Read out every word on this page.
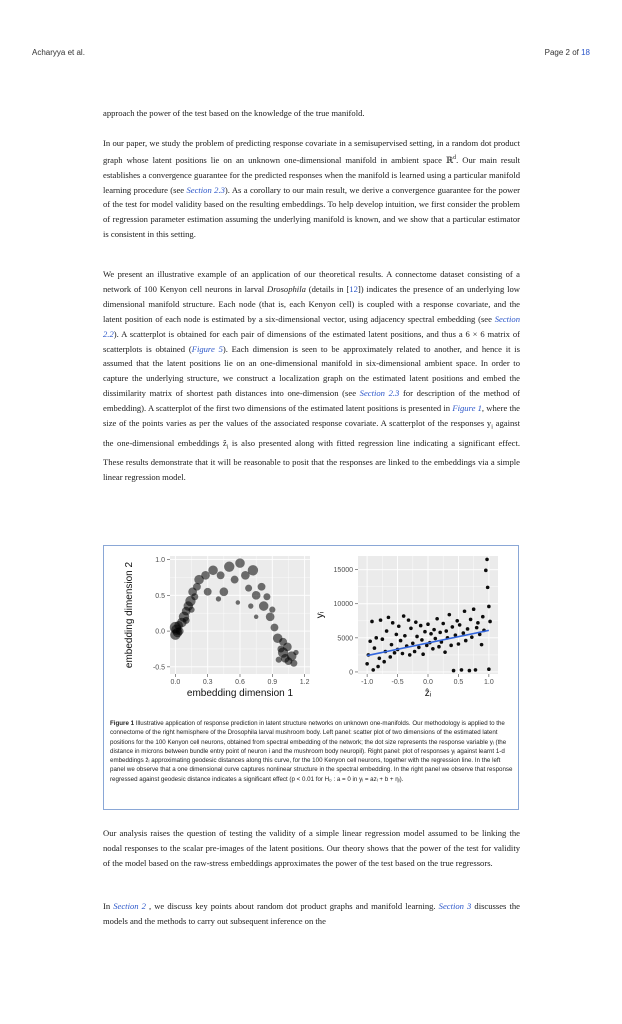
Acharyya et al.	Page 2 of 18

approach the power of the test based on the knowledge of the true manifold.

In our paper, we study the problem of predicting response covariate in a semisupervised setting, in a random dot product graph whose latent positions lie on an unknown one-dimensional manifold in ambient space ℝ$^d$. Our main result establishes a convergence guarantee for the predicted responses when the manifold is learned using a particular manifold learning procedure (see Section 2.3). As a corollary to our main result, we derive a convergence guarantee for the power of the test for model validity based on the resulting embeddings. To help develop intuition, we first consider the problem of regression parameter estimation assuming the underlying manifold is known, and we show that a particular estimator is consistent in this setting.

We present an illustrative example of an application of our theoretical results. A connectome dataset consisting of a network of 100 Kenyon cell neurons in larval Drosophila (details in [12]) indicates the presence of an underlying low dimensional manifold structure. Each node (that is, each Kenyon cell) is coupled with a response covariate, and the latent position of each node is estimated by a six-dimensional vector, using adjacency spectral embedding (see Section 2.2). A scatterplot is obtained for each pair of dimensions of the estimated latent positions, and thus a 6 × 6 matrix of scatterplots is obtained (Figure 5). Each dimension is seen to be approximately related to another, and hence it is assumed that the latent positions lie on an one-dimensional manifold in six-dimensional ambient space. In order to capture the underlying structure, we construct a localization graph on the estimated latent positions and embed the dissimilarity matrix of shortest path distances into one-dimension (see Section 2.3 for description of the method of embedding). A scatterplot of the first two dimensions of the estimated latent positions is presented in Figure 1, where the size of the points varies as per the values of the associated response covariate. A scatterplot of the responses $y_i$ against the one-dimensional embeddings ẑ$_i$ is also presented along with fitted regression line indicating a significant effect. These results demonstrate that it will be reasonable to posit that the responses are linked to the embeddings via a simple linear regression model.

0.0	0.3	0.6	0.9	1.2
1.0
0.5
0.0
-0.5
embedding dimension 1
embedding dimension 2
-1.0	-0.5	0.0	0.5	1.0
15000
10000
5000
0
ẑᵢ
yᵢ

Figure 1 Illustrative application of response prediction in latent structure networks on unknown one-manifolds. Our methodology is applied to the connectome of the right hemisphere of the Drosophila larval mushroom body. Left panel: scatter plot of two dimensions of the estimated latent positions for the 100 Kenyon cell neurons, obtained from spectral embedding of the network; the dot size represents the response variable yᵢ (the distance in microns between bundle entry point of neuron i and the mushroom body neuropil). Right panel: plot of responses yᵢ against learnt 1-d embeddings ẑᵢ approximating geodesic distances along this curve, for the 100 Kenyon cell neurons, together with the regression line. In the left panel we observe that a one dimensional curve captures nonlinear structure in the spectral embedding. In the right panel we observe that response regressed against geodesic distance indicates a significant effect (p < 0.01 for H₀ : a = 0 in yᵢ = azᵢ + b + ηᵢ).

Our analysis raises the question of testing the validity of a simple linear regression model assumed to be linking the nodal responses to the scalar pre-images of the latent positions. Our theory shows that the power of the test for validity of the model based on the raw-stress embeddings approximates the power of the test based on the true regressors.

In Section 2 , we discuss key points about random dot product graphs and manifold learning. Section 3 discusses the models and the methods to carry out subsequent inference on the
